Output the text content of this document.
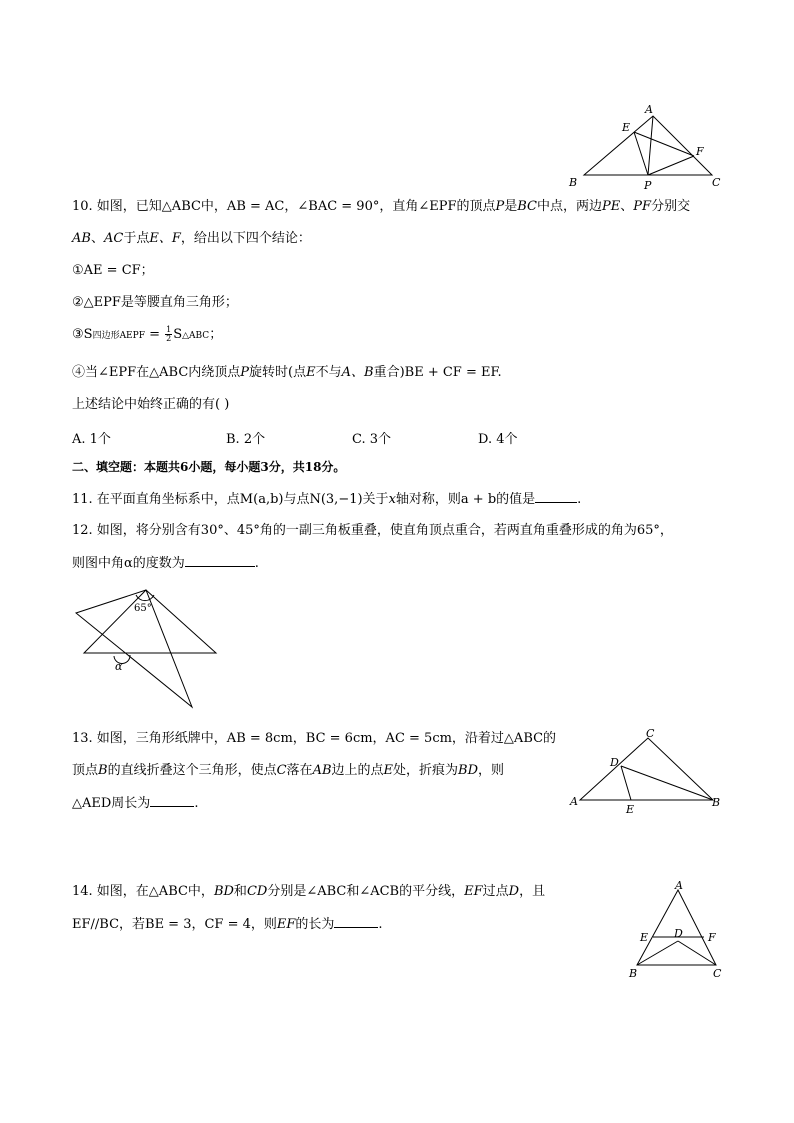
A
E
F
B	P	C
10. 如图，已知△ABC中，AB = AC，∠BAC = 90°，直角∠EPF的顶点P是BC中点，两边PE、PF分别交
AB、AC于点E、F，给出以下四个结论：
①AE = CF；
②△EPF是等腰直角三角形；
③S四边形AEPF = $\frac{1}{2}$ S△ABC；
④当∠EPF在△ABC内绕顶点P旋转时(点E不与A、B重合)BE + CF = EF.
上述结论中始终正确的有( )
A. 1个	B. 2个	C. 3个	D. 4个
二、填空题：本题共6小题，每小题3分，共18分。
11. 在平面直角坐标系中，点M(a,b)与点N(3,−1)关于x轴对称，则a + b的值是	.
12. 如图，将分别含有30°、45°角的一副三角板重叠，使直角顶点重合，若两直角重叠形成的角为65°，
则图中角α的度数为	.
65°
α
13. 如图，三角形纸牌中，AB = 8cm，BC = 6cm，AC = 5cm，沿着过△ABC的
顶点B的直线折叠这个三角形，使点C落在AB边上的点E处，折痕为BD，则
△AED周长为	.
C
D
A
E
B
14. 如图，在△ABC中，BD和CD分别是∠ABC和∠ACB的平分线，EF过点D，且
EF//BC，若BE = 3，CF = 4，则EF的长为	.
A
E D F
B	C
